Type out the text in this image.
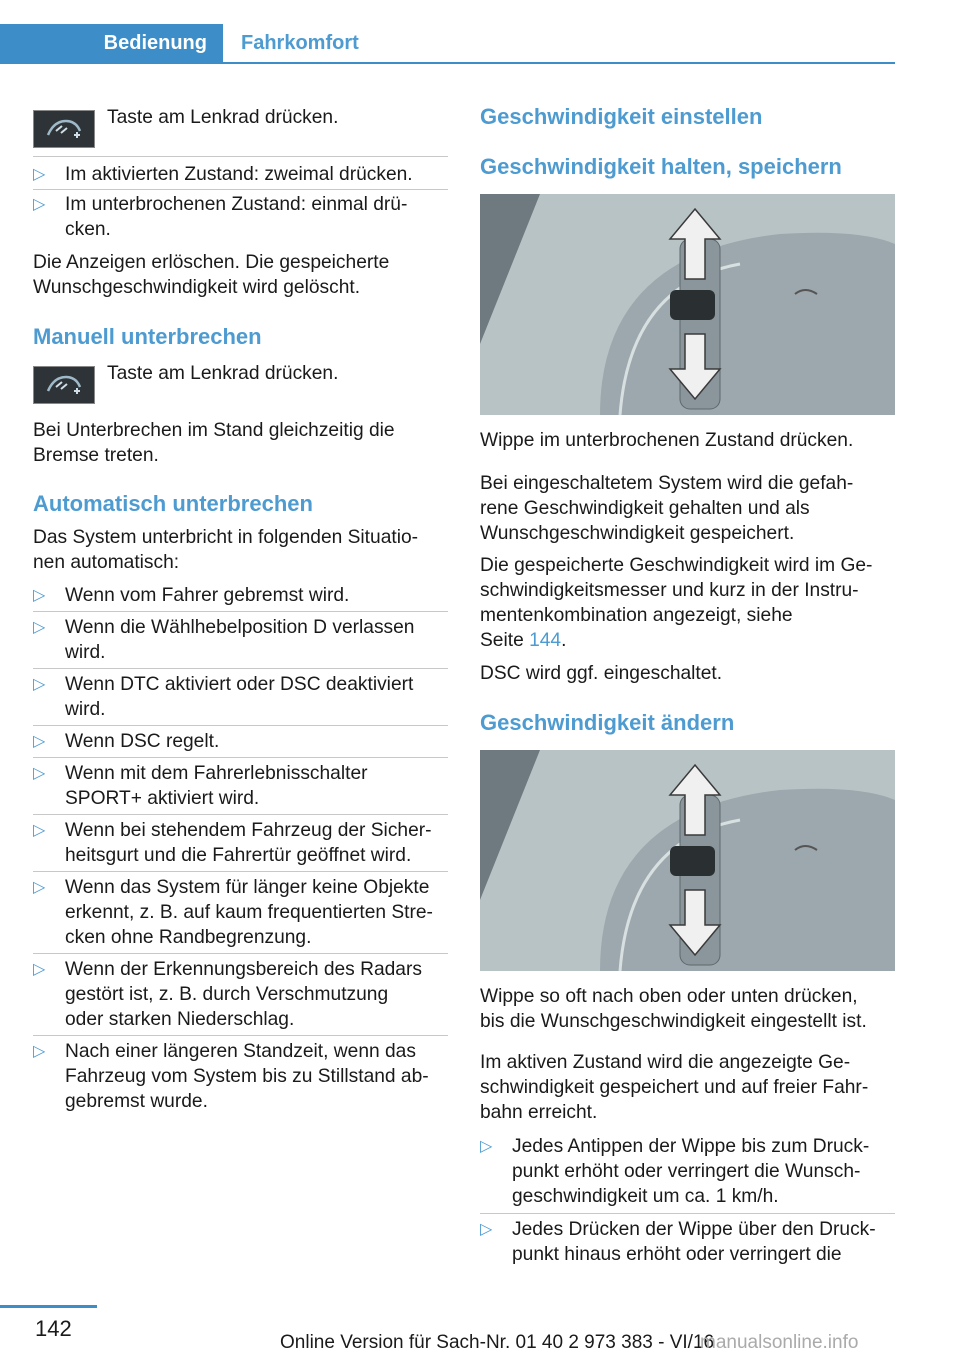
Bedienung Fahrkomfort
Taste am Lenkrad drücken.
▷ Im aktivierten Zustand: zweimal drücken.
▷ Im unterbrochenen Zustand: einmal drü-
cken.
Die Anzeigen erlöschen. Die gespeicherte
Wunschgeschwindigkeit wird gelöscht.
Manuell unterbrechen
Taste am Lenkrad drücken.
Bei Unterbrechen im Stand gleichzeitig die
Bremse treten.
Automatisch unterbrechen
Das System unterbricht in folgenden Situatio-
nen automatisch:
▷ Wenn vom Fahrer gebremst wird.
▷ Wenn die Wählhebelposition D verlassen
wird.
▷ Wenn DTC aktiviert oder DSC deaktiviert
wird.
▷ Wenn DSC regelt.
▷ Wenn mit dem Fahrerlebnisschalter
SPORT+ aktiviert wird.
▷ Wenn bei stehendem Fahrzeug der Sicher-
heitsgurt und die Fahrertür geöffnet wird.
▷ Wenn das System für länger keine Objekte
erkennt, z. B. auf kaum frequentierten Stre-
cken ohne Randbegrenzung.
▷ Wenn der Erkennungsbereich des Radars
gestört ist, z. B. durch Verschmutzung
oder starken Niederschlag.
▷ Nach einer längeren Standzeit, wenn das
Fahrzeug vom System bis zu Stillstand ab-
gebremst wurde.
Geschwindigkeit einstellen
Geschwindigkeit halten, speichern
Wippe im unterbrochenen Zustand drücken.
Bei eingeschaltetem System wird die gefah-
rene Geschwindigkeit gehalten und als
Wunschgeschwindigkeit gespeichert.
Die gespeicherte Geschwindigkeit wird im Ge-
schwindigkeitsmesser und kurz in der Instru-
mentenkombination angezeigt, siehe
Seite 144.
DSC wird ggf. eingeschaltet.
Geschwindigkeit ändern
Wippe so oft nach oben oder unten drücken,
bis die Wunschgeschwindigkeit eingestellt ist.
Im aktiven Zustand wird die angezeigte Ge-
schwindigkeit gespeichert und auf freier Fahr-
bahn erreicht.
▷ Jedes Antippen der Wippe bis zum Druck-
punkt erhöht oder verringert die Wunsch-
geschwindigkeit um ca. 1 km/h.
▷ Jedes Drücken der Wippe über den Druck-
punkt hinaus erhöht oder verringert die
142
Online Version für Sach-Nr. 01 40 2 973 383 - VI/16
manualsonline.info
